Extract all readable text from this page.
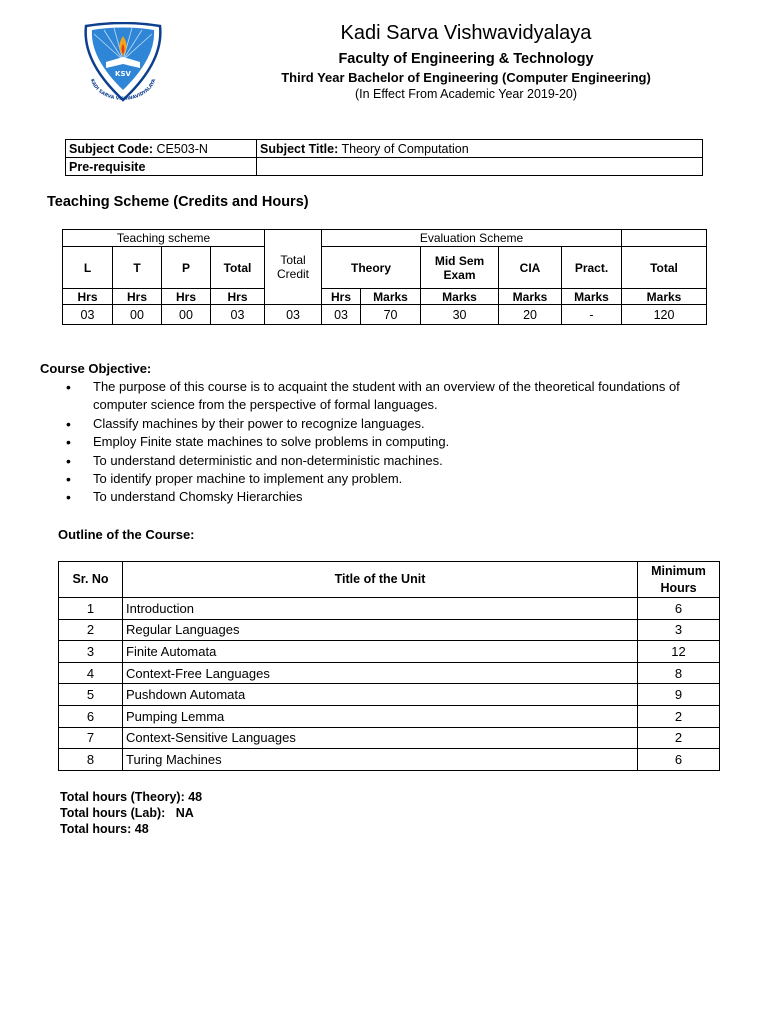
KSV
KADI SARVA VISHWAVIDYALAYA
Kadi Sarva Vishwavidyalaya
Faculty of Engineering & Technology
Third Year Bachelor of Engineering (Computer Engineering)
(In Effect From Academic Year 2019-20)
Subject Code: CE503-N	Subject Title: Theory of Computation
Pre-requisite	
Teaching Scheme (Credits and Hours)
Teaching scheme				Total Credit	Evaluation Scheme					
L	T	P	Total		Theory		Mid Sem Exam	CIA	Pract.	Total
Hrs	Hrs	Hrs	Hrs		Hrs	Marks	Marks	Marks	Marks	Marks
03	00	00	03	03	03	70	30	20	-	120
Course Objective:
• The purpose of this course is to acquaint the student with an overview of the theoretical foundations of computer science from the perspective of formal languages.
• Classify machines by their power to recognize languages.
• Employ Finite state machines to solve problems in computing.
• To understand deterministic and non-deterministic machines.
• To identify proper machine to implement any problem.
• To understand Chomsky Hierarchies
Outline of the Course:
Sr. No	Title of the Unit	Minimum Hours
1	Introduction	6
2	Regular Languages	3
3	Finite Automata	12
4	Context-Free Languages	8
5	Pushdown Automata	9
6	Pumping Lemma	2
7	Context-Sensitive Languages	2
8	Turing Machines	6
Total hours (Theory): 48
Total hours (Lab):   NA
Total hours: 48
